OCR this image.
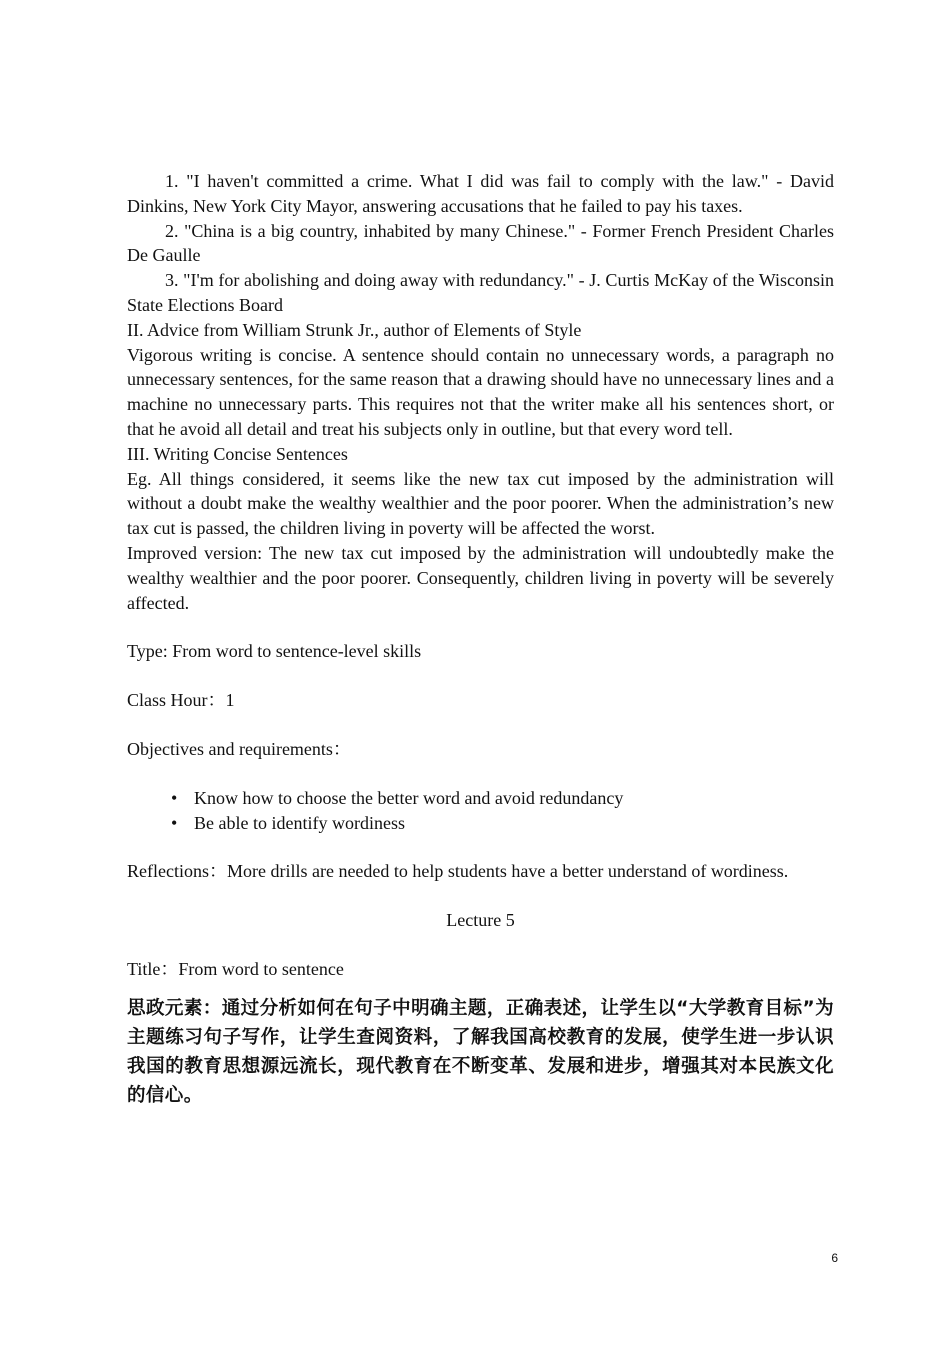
1. "I haven't committed a crime. What I did was fail to comply with the law." - David Dinkins, New York City Mayor, answering accusations that he failed to pay his taxes.

2. "China is a big country, inhabited by many Chinese." - Former French President Charles De Gaulle

3. "I'm for abolishing and doing away with redundancy." - J. Curtis McKay of the Wisconsin State Elections Board

II. Advice from William Strunk Jr., author of Elements of Style

Vigorous writing is concise. A sentence should contain no unnecessary words, a paragraph no unnecessary sentences, for the same reason that a drawing should have no unnecessary lines and a machine no unnecessary parts. This requires not that the writer make all his sentences short, or that he avoid all detail and treat his subjects only in outline, but that every word tell.

III. Writing Concise Sentences

Eg. All things considered, it seems like the new tax cut imposed by the administration will without a doubt make the wealthy wealthier and the poor poorer. When the administration’s new tax cut is passed, the children living in poverty will be affected the worst.

Improved version: The new tax cut imposed by the administration will undoubtedly make the wealthy wealthier and the poor poorer. Consequently, children living in poverty will be severely affected.

Type: From word to sentence-level skills

Class Hour：1

Objectives and requirements：

• Know how to choose the better word and avoid redundancy
• Be able to identify wordiness

Reflections：More drills are needed to help students have a better understand of wordiness.

Lecture 5

Title：From word to sentence

思政元素：通过分析如何在句子中明确主题，正确表述，让学生以“大学教育目标”为主题练习句子写作，让学生查阅资料，了解我国高校教育的发展，使学生进一步认识我国的教育思想源远流长，现代教育在不断变革、发展和进步，增强其对本民族文化的信心。

6
